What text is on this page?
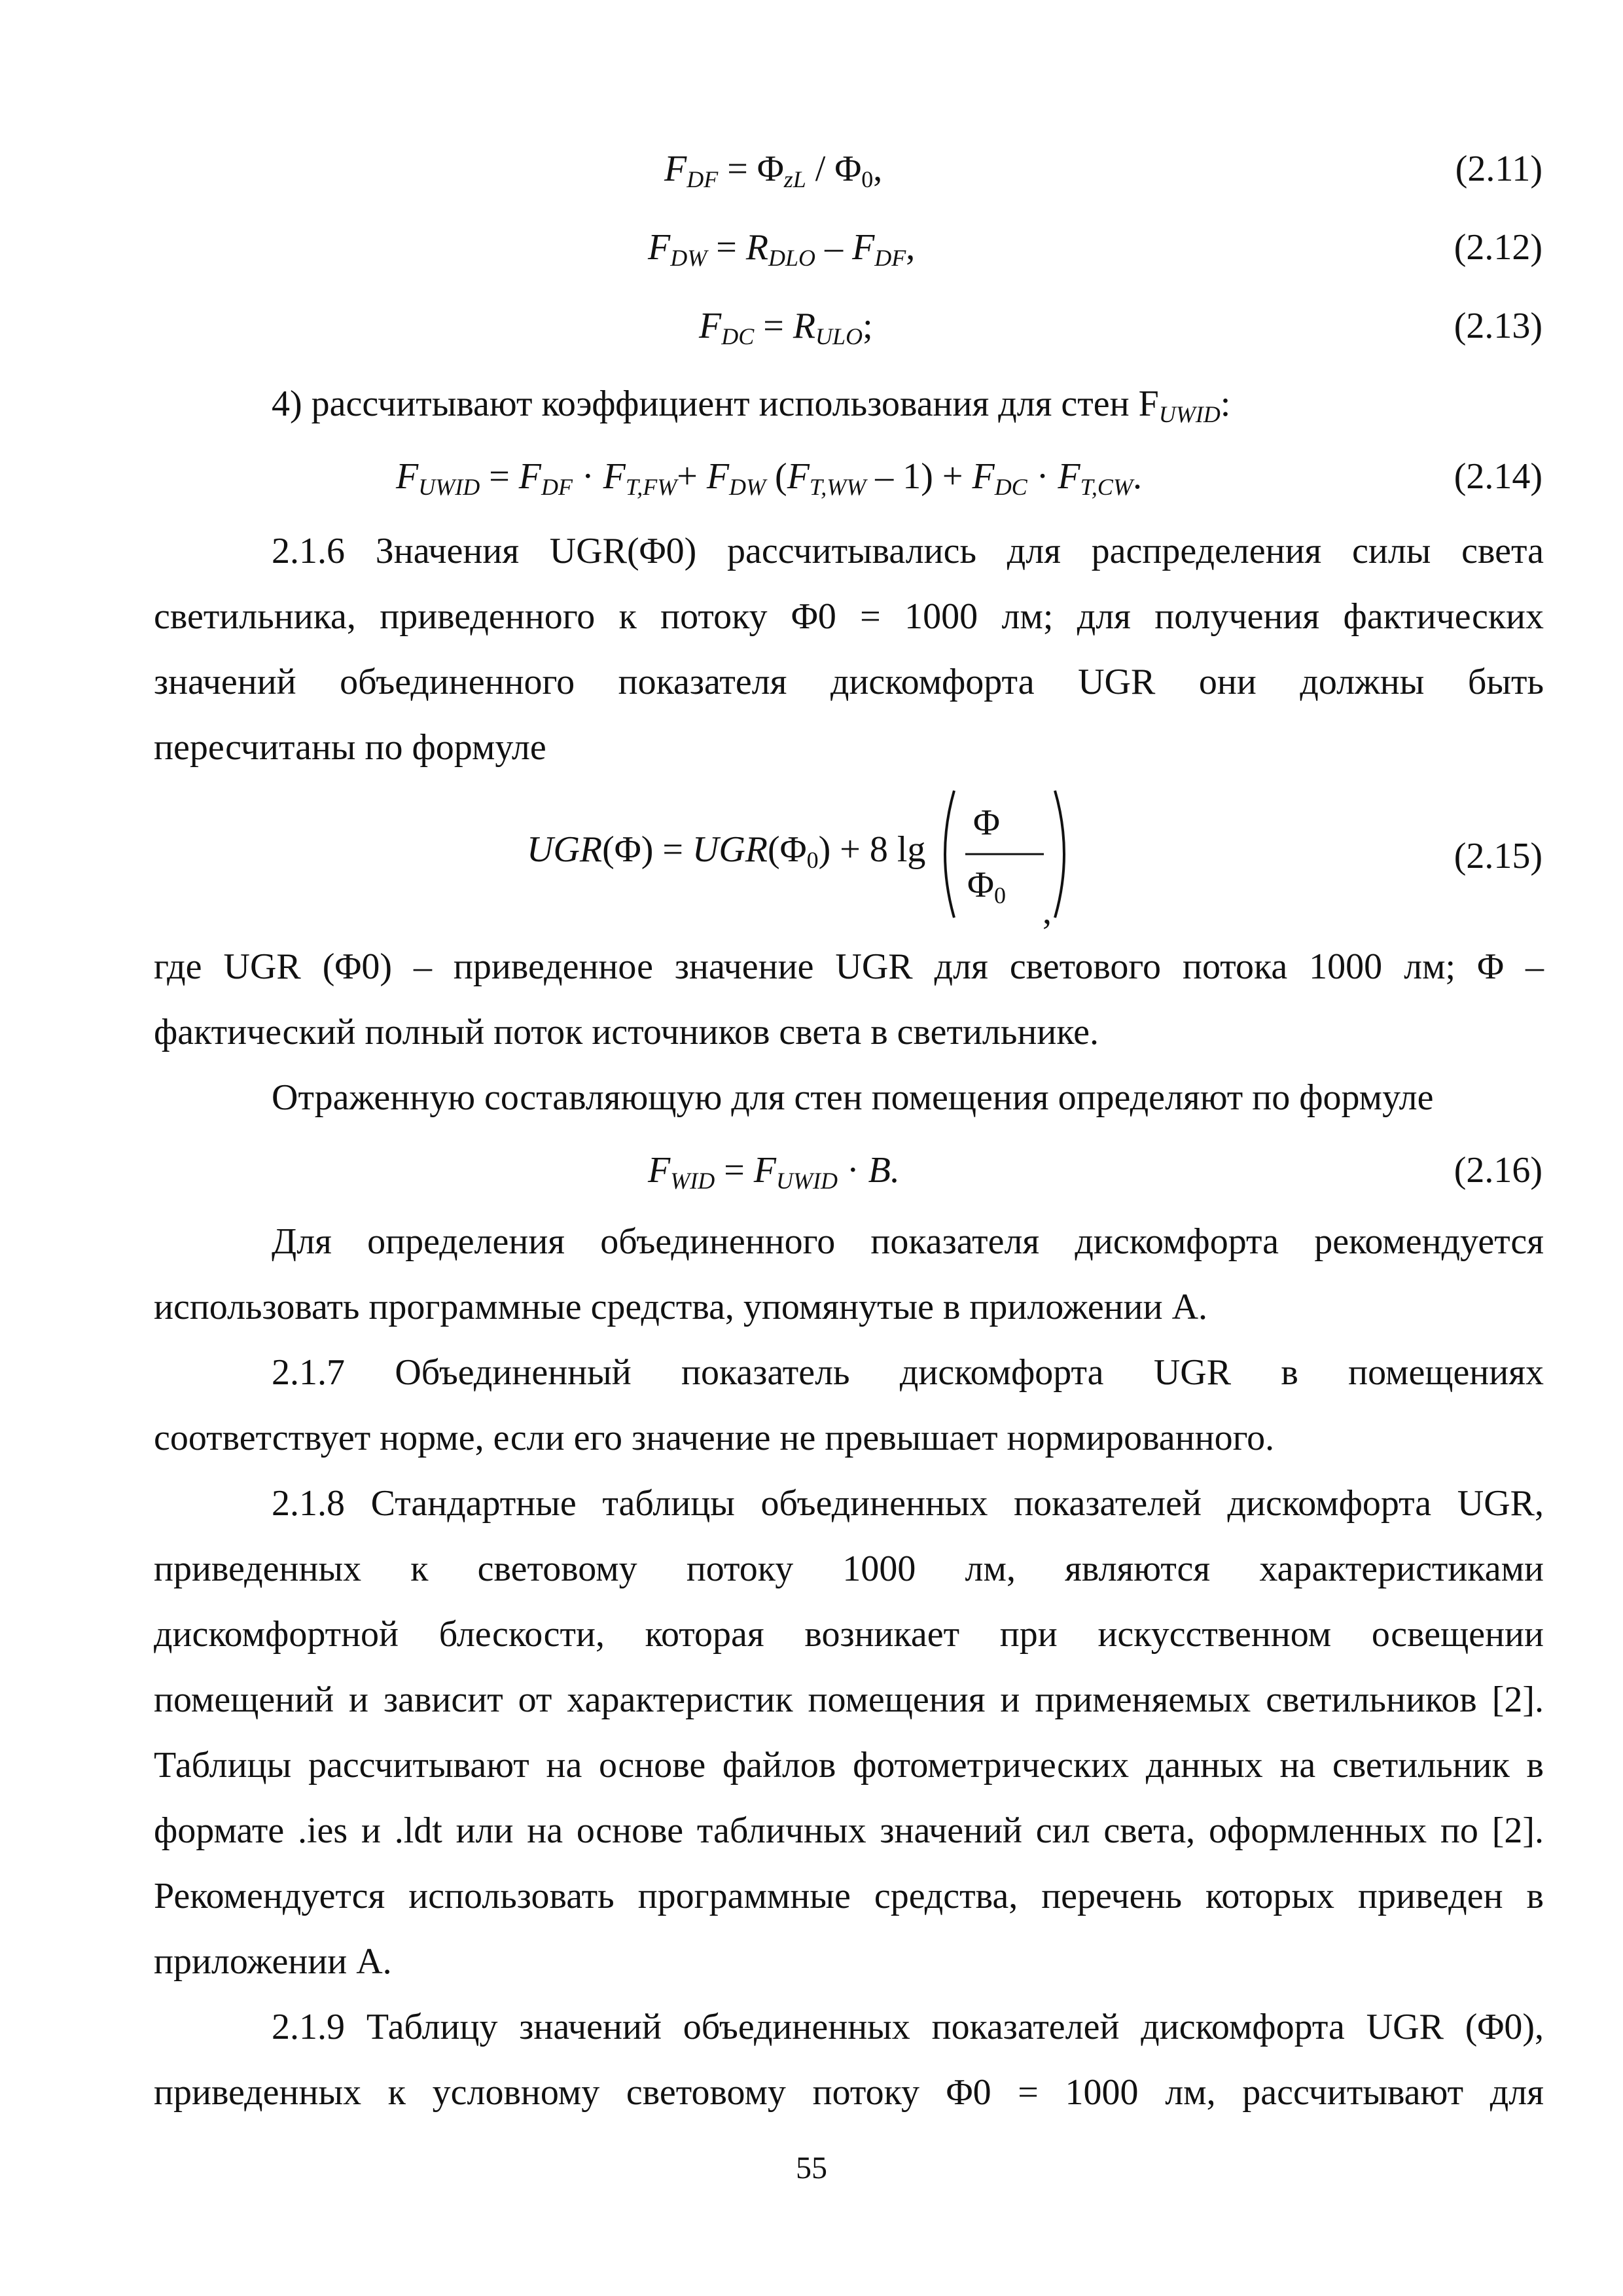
$F_{DF} = \Phi_{zL} / \Phi_0$,	(2.11)
$F_{DW} = R_{DLO} - F_{DF}$,	(2.12)
$F_{DC} = R_{ULO}$;	(2.13)
4) рассчитывают коэффициент использования для стен $F_{UWID}$:
$F_{UWID} = F_{DF} \cdot F_{T,FW}+ F_{DW}$ $(F_{T,WW} - 1) + F_{DC} \cdot F_{T,CW}$.	(2.14)
2.1.6 Значения UGR(Φ0) рассчитывались для распределения силы света
светильника, приведенного к потоку Φ0 = 1000 лм; для получения фактических
значений объединенного показателя дискомфорта UGR они должны быть
пересчитаны по формуле
$UGR(\Phi) = UGR(\Phi_0) + 8$ lg
Φ
$\Phi_0$ ,
(2.15)
где UGR (Φ0) – приведенное значение UGR для светового потока 1000 лм; Φ –
фактический полный поток источников света в светильнике.
Отраженную составляющую для стен помещения определяют по формуле
$F_{WID} = F_{UWID} \cdot B$.	(2.16)
Для определения объединенного показателя дискомфорта рекомендуется
использовать программные средства, упомянутые в приложении А.
2.1.7 Объединенный показатель дискомфорта UGR в помещениях
соответствует норме, если его значение не превышает нормированного.
2.1.8 Стандартные таблицы объединенных показателей дискомфорта UGR,
приведенных к световому потоку 1000 лм, являются характеристиками
дискомфортной блескости, которая возникает при искусственном освещении
помещений и зависит от характеристик помещения и применяемых светильников [2].
Таблицы рассчитывают на основе файлов фотометрических данных на светильник в
формате .ies и .ldt или на основе табличных значений сил света, оформленных по [2].
Рекомендуется использовать программные средства, перечень которых приведен в
приложении А.
2.1.9 Таблицу значений объединенных показателей дискомфорта UGR (Φ0),
приведенных к условному световому потоку Φ0 = 1000 лм, рассчитывают для
55
